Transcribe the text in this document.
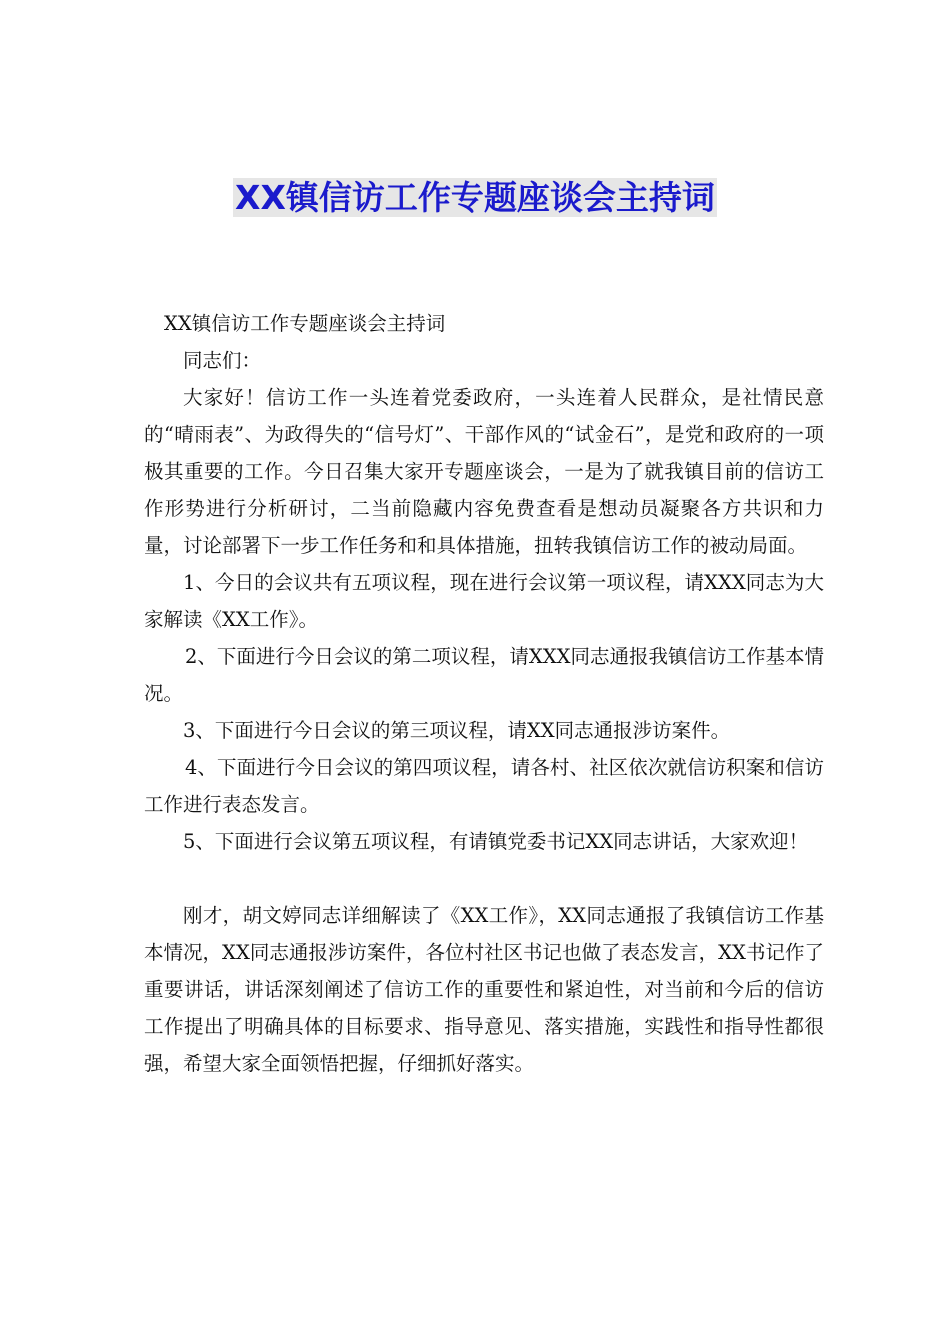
XX镇信访工作专题座谈会主持词

XX镇信访工作专题座谈会主持词

同志们：

大家好！信访工作一头连着党委政府，一头连着人民群众，是社情民意的“晴雨表”、为政得失的“信号灯”、干部作风的“试金石”，是党和政府的一项极其重要的工作。今日召集大家开专题座谈会，一是为了就我镇目前的信访工作形势进行分析研讨，二当前隐藏内容免费查看是想动员凝聚各方共识和力量，讨论部署下一步工作任务和和具体措施，扭转我镇信访工作的被动局面。

1、今日的会议共有五项议程，现在进行会议第一项议程，请XXX同志为大家解读《XX工作》。

2、下面进行今日会议的第二项议程，请XXX同志通报我镇信访工作基本情况。

3、下面进行今日会议的第三项议程，请XX同志通报涉访案件。

4、下面进行今日会议的第四项议程，请各村、社区依次就信访积案和信访工作进行表态发言。

5、下面进行会议第五项议程，有请镇党委书记XX同志讲话，大家欢迎！

刚才，胡文婷同志详细解读了《XX工作》，XX同志通报了我镇信访工作基本情况，XX同志通报涉访案件，各位村社区书记也做了表态发言，XX书记作了重要讲话，讲话深刻阐述了信访工作的重要性和紧迫性，对当前和今后的信访工作提出了明确具体的目标要求、指导意见、落实措施，实践性和指导性都很强，希望大家全面领悟把握，仔细抓好落实。
